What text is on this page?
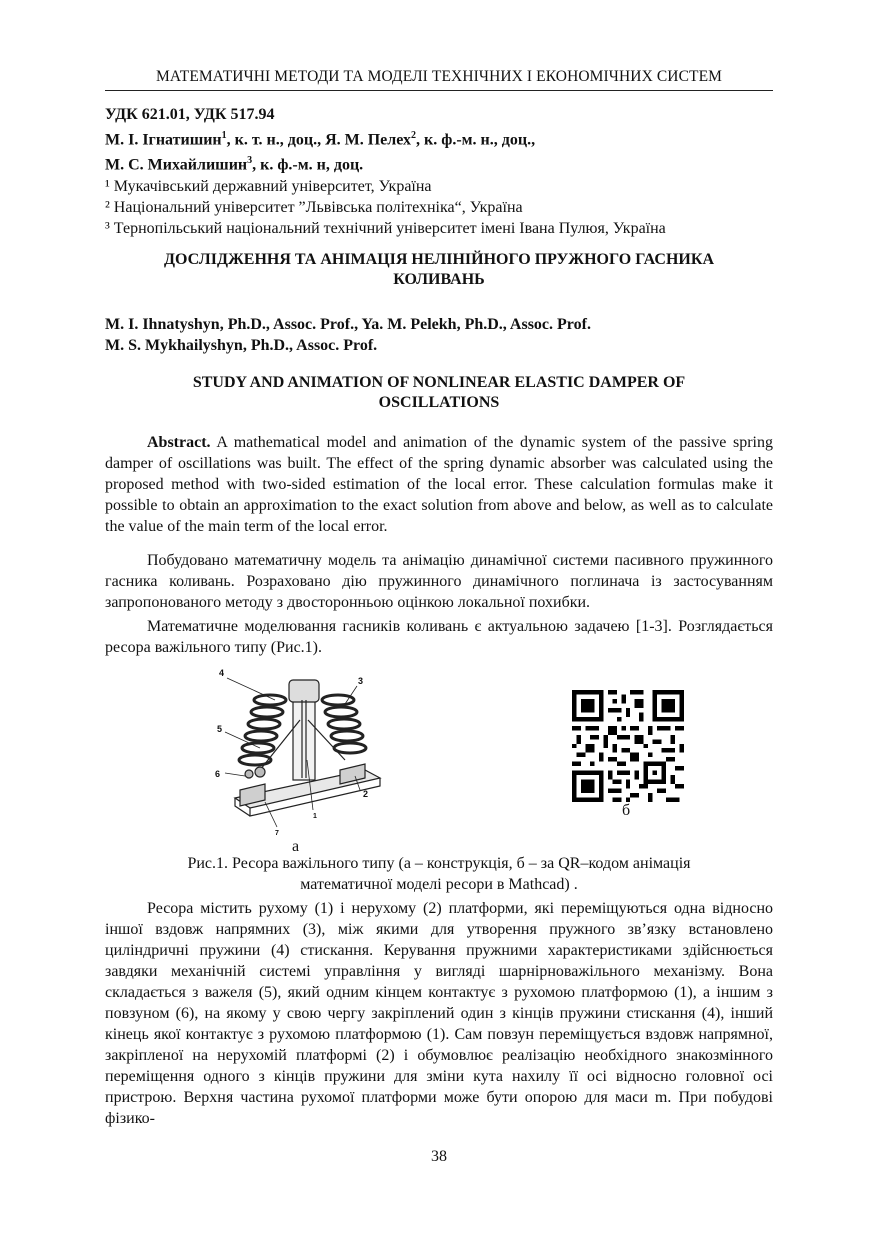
МАТЕМАТИЧНІ МЕТОДИ ТА МОДЕЛІ ТЕХНІЧНИХ І ЕКОНОМІЧНИХ СИСТЕМ
УДК 621.01, УДК 517.94
М. І. Ігнатишин$^1$, к. т. н., доц., Я. М. Пелех$^2$, к. ф.-м. н., доц.,
М. С. Михайлишин$^3$, к. ф.-м. н, доц.
¹ Мукачівський державний університет, Україна
² Національний університет ”Львівська політехніка“, Україна
³ Тернопільський національний технічний університет імені Івана Пулюя, Україна
ДОСЛІДЖЕННЯ ТА АНІМАЦІЯ НЕЛІНІЙНОГО ПРУЖНОГО ГАСНИКА
КОЛИВАНЬ
M. I. Ihnatyshyn, Ph.D., Assoc. Prof., Ya. M. Pelekh, Ph.D., Assoc. Prof.
M. S. Mykhailyshyn, Ph.D., Assoc. Prof.
STUDY AND ANIMATION OF NONLINEAR ELASTIC DAMPER OF
OSCILLATIONS
Abstract. A mathematical model and animation of the dynamic system of the passive spring damper of oscillations was built. The effect of the spring dynamic absorber was calculated using the proposed method with two-sided estimation of the local error. These calculation formulas make it possible to obtain an approximation to the exact solution from above and below, as well as to calculate the value of the main term of the local error.
Побудовано математичну модель та анімацію динамічної системи пасивного пружинного гасника коливань. Розраховано дію пружинного динамічного поглинача із застосуванням запропонованого методу з двосторонньою оцінкою локальної похибки.
Математичне моделювання гасників коливань є актуальною задачею [1-3]. Розглядається ресора важільного типу (Рис.1).
4
3
5
6
2
1
7
а
б
Рис.1. Ресора важільного типу (а – конструкція, б – за QR–кодом анімація
математичної моделі ресори в Mathcad) .
Ресора містить рухому (1) і нерухому (2) платформи, які переміщуються одна відносно іншої вздовж напрямних (3), між якими для утворення пружного зв’язку встановлено циліндричні пружини (4) стискання. Керування пружними характеристиками здійснюється завдяки механічній системі управління у вигляді шарнірноважільного механізму. Вона складається з важеля (5), який одним кінцем контактує з рухомою платформою (1), а іншим з повзуном (6), на якому у свою чергу закріплений один з кінців пружини стискання (4), інший кінець якої контактує з рухомою платформою (1). Сам повзун переміщується вздовж напрямної, закріпленої на нерухомій платформі (2) і обумовлює реалізацію необхідного знакозмінного переміщення одного з кінців пружини для зміни кута нахилу її осі відносно головної осі пристрою. Верхня частина рухомої платформи може бути опорою для маси m. При побудові фізико-
38
